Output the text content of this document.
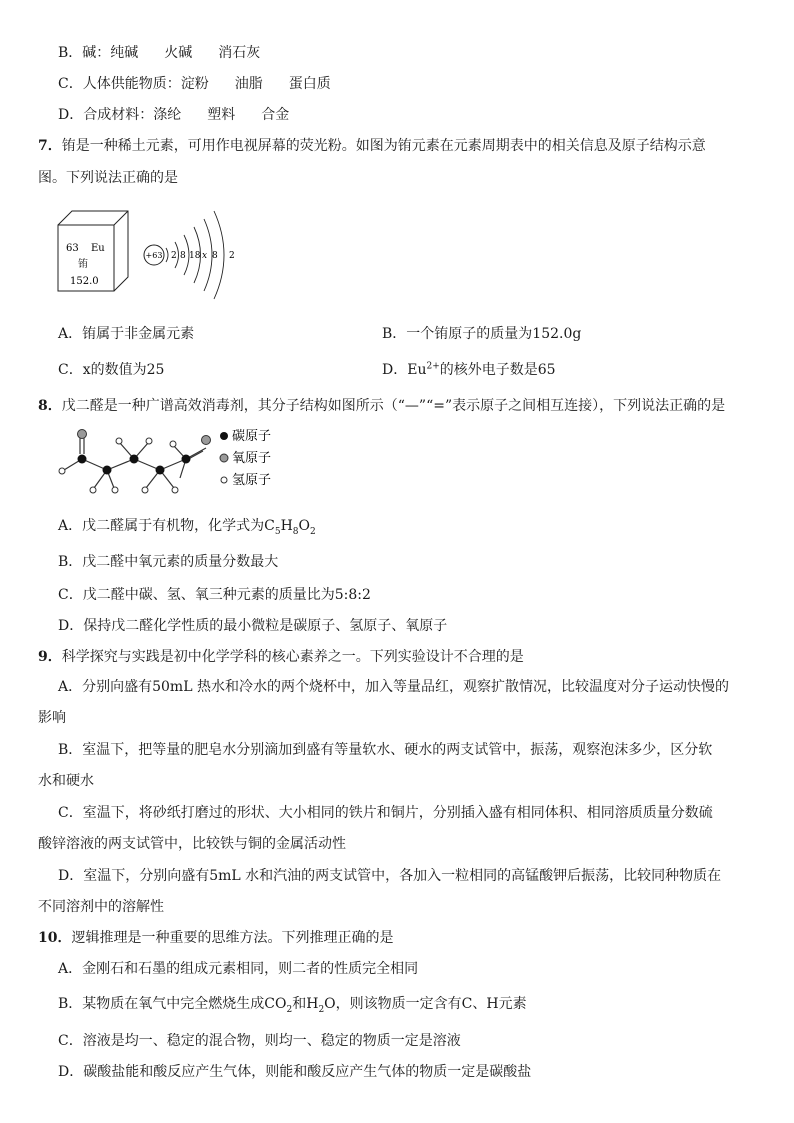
B．碱：纯碱 火碱 消石灰
C．人体供能物质：淀粉 油脂 蛋白质
D．合成材料：涤纶 塑料 合金
7．铕是一种稀土元素，可用作电视屏幕的荧光粉。如图为铕元素在元素周期表中的相关信息及原子结构示意
图。下列说法正确的是
63 Eu
铕
152.0
+63 2 8 18 x 8 2
A．铕属于非金属元素	B．一个铕原子的质量为152.0g
C．x的数值为25	D．$Eu^{2+}$的核外电子数是65
8．戊二醛是一种广谱高效消毒剂，其分子结构如图所示（“—”“=”表示原子之间相互连接），下列说法正确的是
碳原子
氧原子
氢原子
A．戊二醛属于有机物，化学式为$C_5H_8O_2$
B．戊二醛中氧元素的质量分数最大
C．戊二醛中碳、氢、氧三种元素的质量比为5:8:2
D．保持戊二醛化学性质的最小微粒是碳原子、氢原子、氧原子
9．科学探究与实践是初中化学学科的核心素养之一。下列实验设计不合理的是
A．分别向盛有50mL 热水和冷水的两个烧杯中，加入等量品红，观察扩散情况，比较温度对分子运动快慢的
影响
B．室温下，把等量的肥皂水分别滴加到盛有等量软水、硬水的两支试管中，振荡，观察泡沫多少，区分软
水和硬水
C．室温下，将砂纸打磨过的形状、大小相同的铁片和铜片，分别插入盛有相同体积、相同溶质质量分数硫
酸锌溶液的两支试管中，比较铁与铜的金属活动性
D．室温下，分别向盛有5mL 水和汽油的两支试管中，各加入一粒相同的高锰酸钾后振荡，比较同种物质在
不同溶剂中的溶解性
10．逻辑推理是一种重要的思维方法。下列推理正确的是
A．金刚石和石墨的组成元素相同，则二者的性质完全相同
B．某物质在氧气中完全燃烧生成$CO_2$和$H_2O$，则该物质一定含有C、H元素
C．溶液是均一、稳定的混合物，则均一、稳定的物质一定是溶液
D．碳酸盐能和酸反应产生气体，则能和酸反应产生气体的物质一定是碳酸盐
